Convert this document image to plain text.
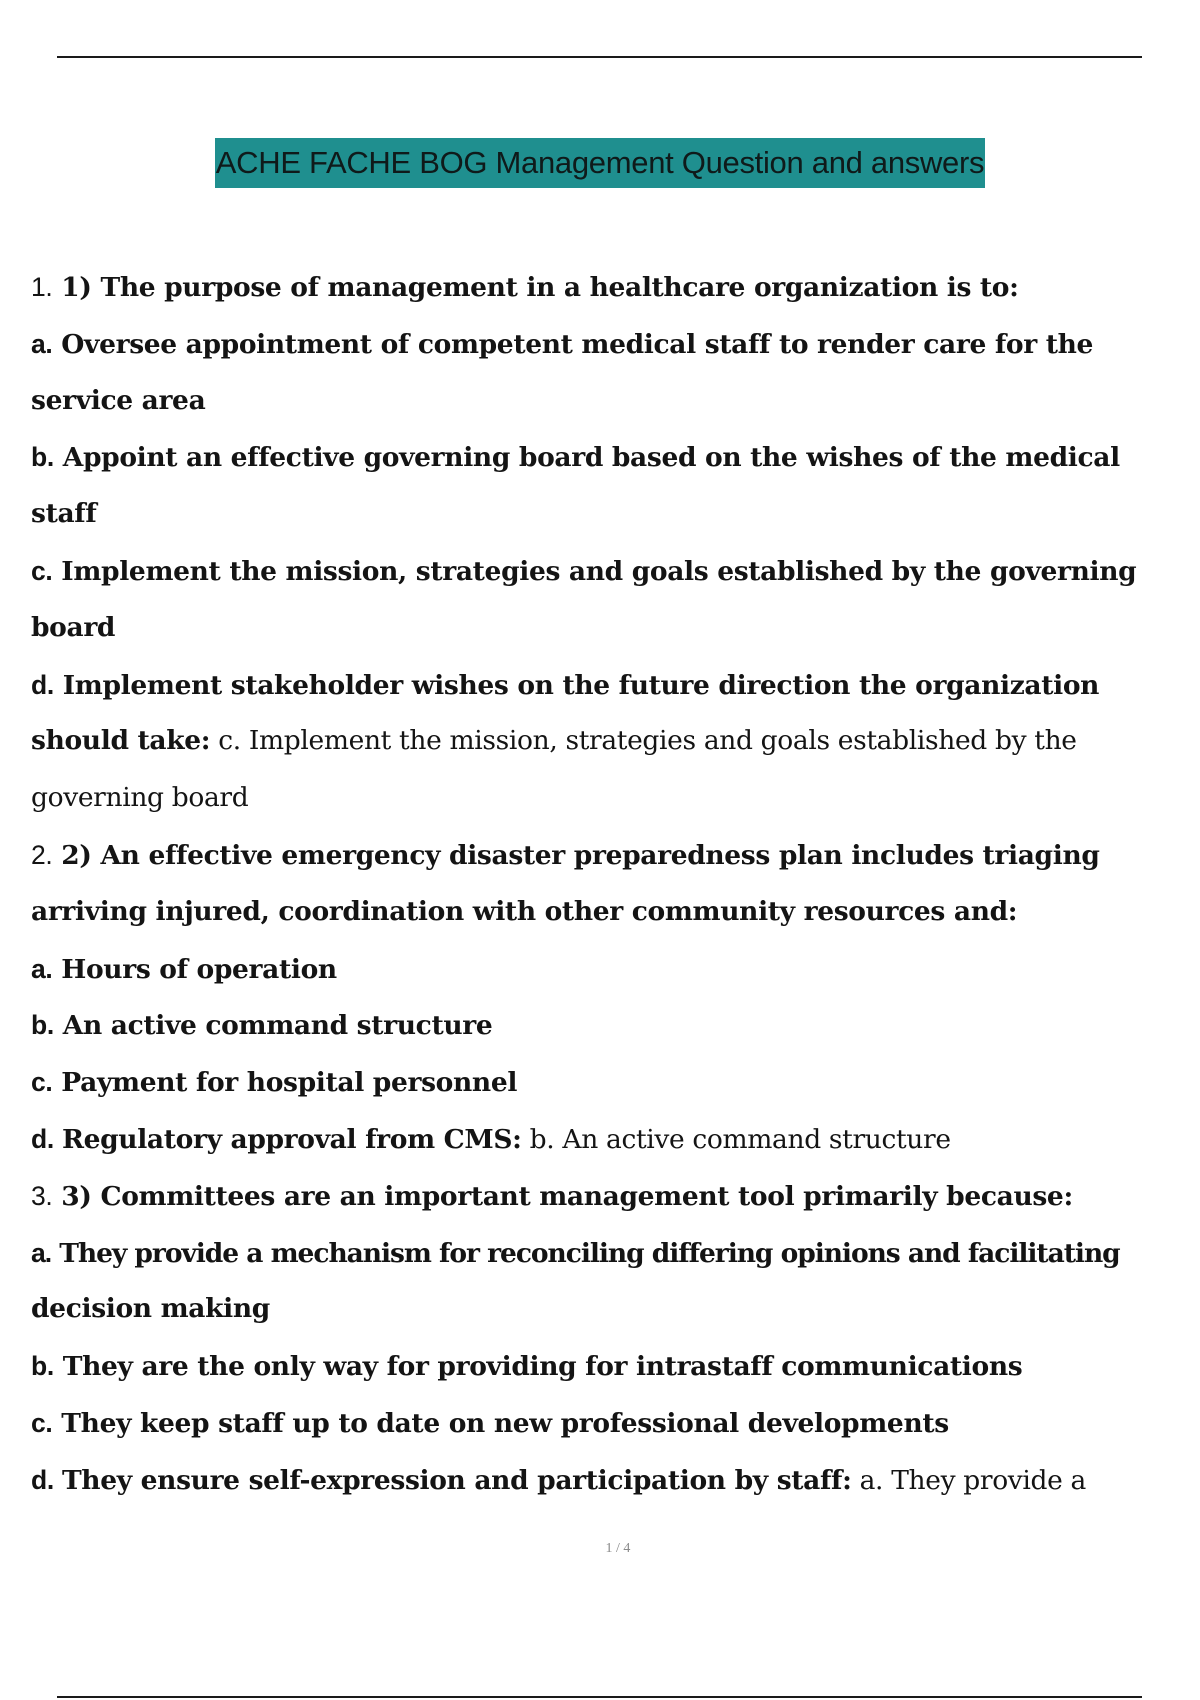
ACHE FACHE BOG Management Question and answers
1. 1) The purpose of management in a healthcare organization is to:
a. Oversee appointment of competent medical staff to render care for the
service area
b. Appoint an effective governing board based on the wishes of the medical
staff
c. Implement the mission, strategies and goals established by the governing
board
d. Implement stakeholder wishes on the future direction the organization
should take: c. Implement the mission, strategies and goals established by the
governing board
2. 2) An effective emergency disaster preparedness plan includes triaging
arriving injured, coordination with other community resources and:
a. Hours of operation
b. An active command structure
c. Payment for hospital personnel
d. Regulatory approval from CMS: b. An active command structure
3. 3) Committees are an important management tool primarily because:
a. They provide a mechanism for reconciling differing opinions and facilitating
decision making
b. They are the only way for providing for intrastaff communications
c. They keep staff up to date on new professional developments
d. They ensure self-expression and participation by staff: a. They provide a
1 / 4
